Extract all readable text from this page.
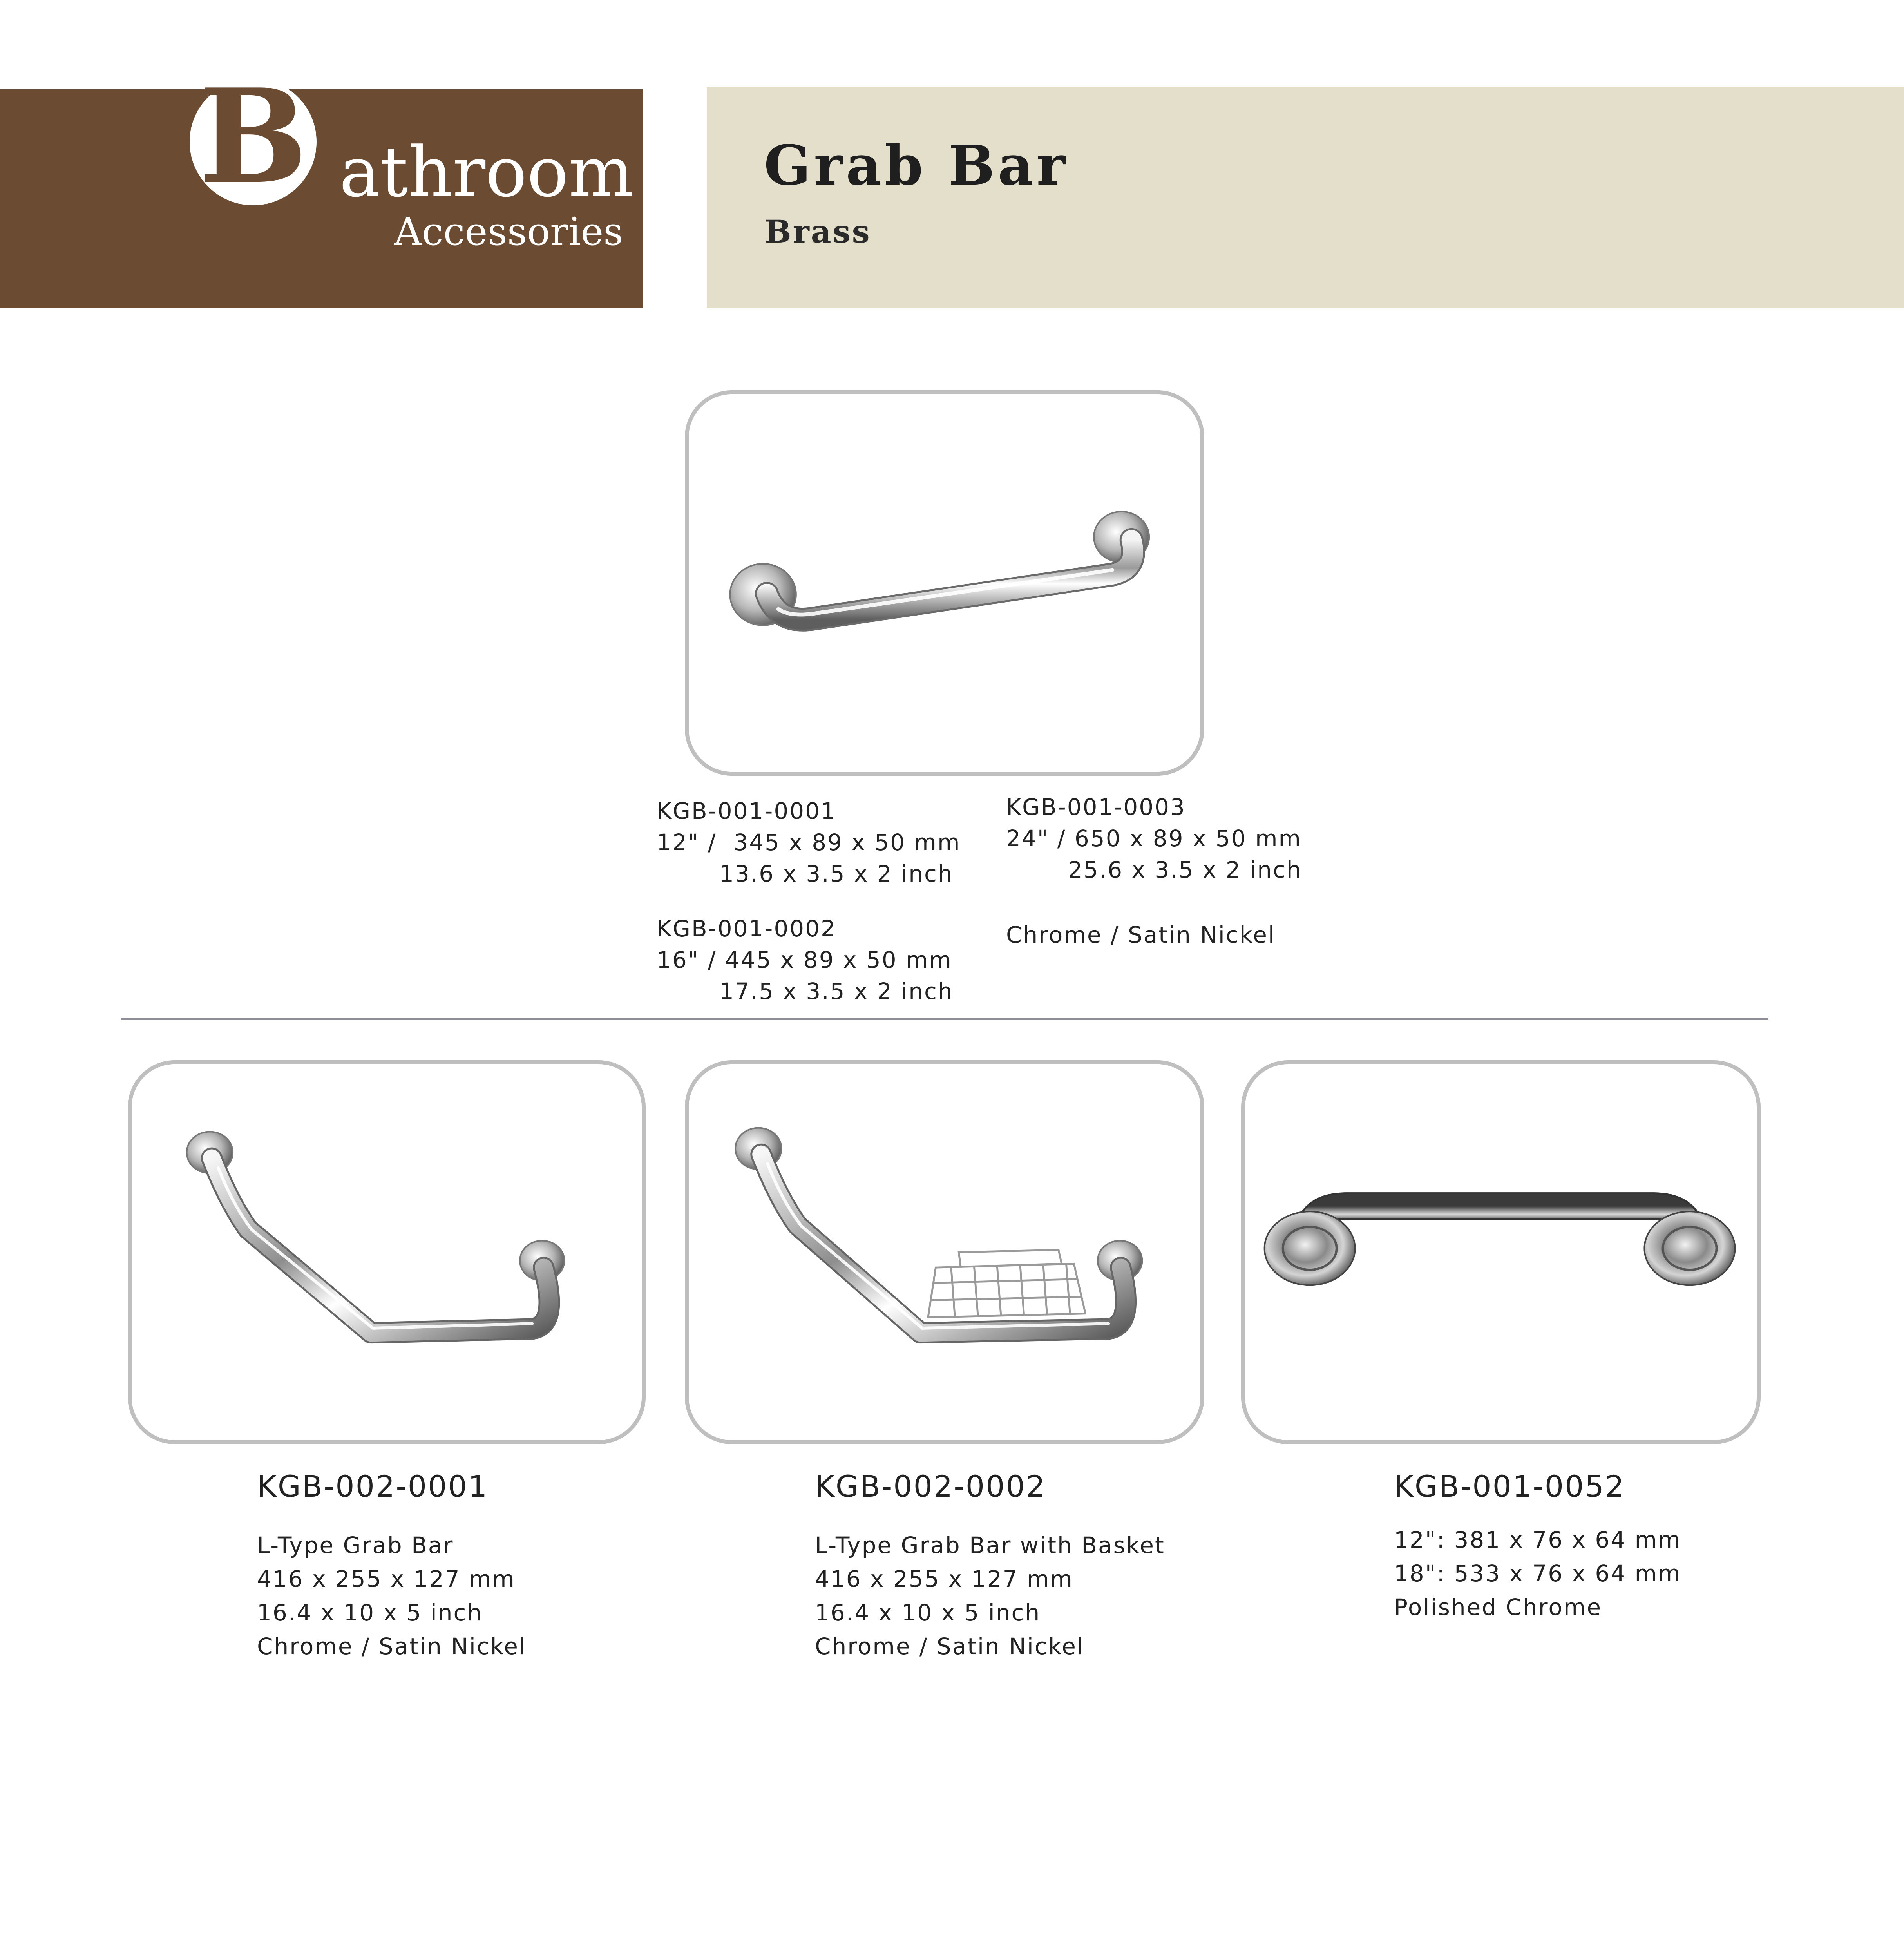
B athroom
Accessories
Grab Bar
Brass
KGB-001-0001
12" /  345 x 89 x 50 mm
13.6 x 3.5 x 2 inch
KGB-001-0002
16" / 445 x 89 x 50 mm
17.5 x 3.5 x 2 inch
KGB-001-0003
24" / 650 x 89 x 50 mm
25.6 x 3.5 x 2 inch
Chrome / Satin Nickel
KGB-002-0001
L-Type Grab Bar
416 x 255 x 127 mm
16.4 x 10 x 5 inch
Chrome / Satin Nickel
KGB-002-0002
L-Type Grab Bar with Basket
416 x 255 x 127 mm
16.4 x 10 x 5 inch
Chrome / Satin Nickel
KGB-001-0052
12": 381 x 76 x 64 mm
18": 533 x 76 x 64 mm
Polished Chrome
